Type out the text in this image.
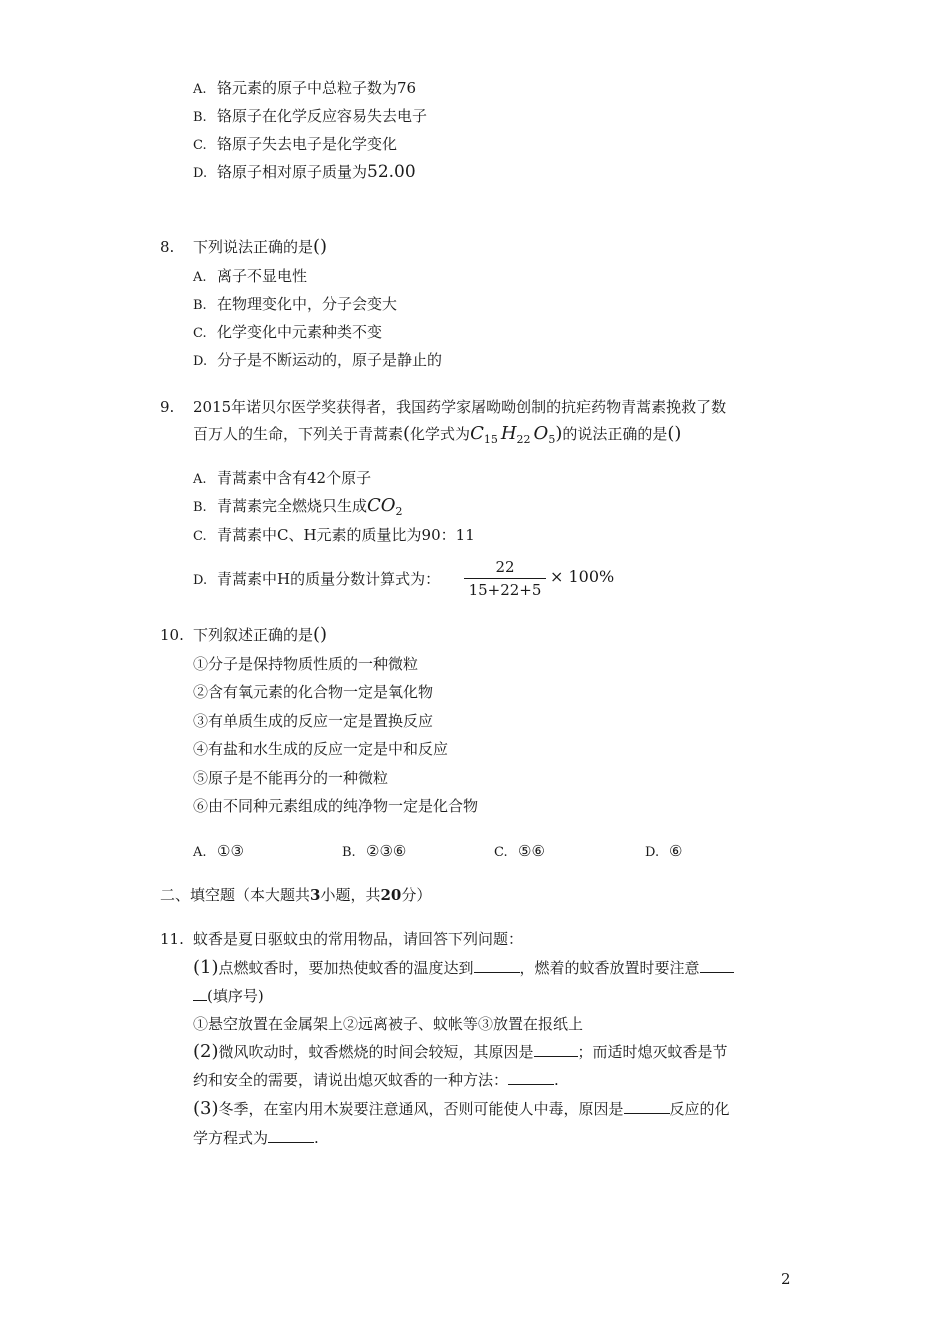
A. 铬元素的原子中总粒子数为76
B. 铬原子在化学反应容易失去电子
C. 铬原子失去电子是化学变化
D. 铬原子相对原子质量为52.00
8. 下列说法正确的是()
A. 离子不显电性
B. 在物理变化中，分子会变大
C. 化学变化中元素种类不变
D. 分子是不断运动的，原子是静止的
9. 2015年诺贝尔医学奖获得者，我国药学家屠呦呦创制的抗疟药物青蒿素挽救了数
百万人的生命，下列关于青蒿素(化学式为$C_{15}$ $H_{22}$ $O_5$)的说法正确的是()
A. 青蒿素中含有42个原子
B. 青蒿素完全燃烧只生成$CO_2$
C. 青蒿素中C、H元素的质量比为90：11
D. 青蒿素中H的质量分数计算式为：
22
15+22+5
× 100%
10. 下列叙述正确的是()
①分子是保持物质性质的一种微粒
②含有氧元素的化合物一定是氧化物
③有单质生成的反应一定是置换反应
④有盐和水生成的反应一定是中和反应
⑤原子是不能再分的一种微粒
⑥由不同种元素组成的纯净物一定是化合物
A. ①③	B. ②③⑥	C. ⑤⑥	D. ⑥
二、填空题（本大题共3小题，共20分）
11. 蚊香是夏日驱蚊虫的常用物品，请回答下列问题：
(1)点燃蚊香时，要加热使蚊香的温度达到	，燃着的蚊香放置时要注意
(填序号)
①悬空放置在金属架上②远离被子、蚊帐等③放置在报纸上
(2)微风吹动时，蚊香燃烧的时间会较短，其原因是	；而适时熄灭蚊香是节
约和安全的需要，请说出熄灭蚊香的一种方法：	.
(3)冬季，在室内用木炭要注意通风，否则可能使人中毒，原因是	反应的化
学方程式为	.
2
